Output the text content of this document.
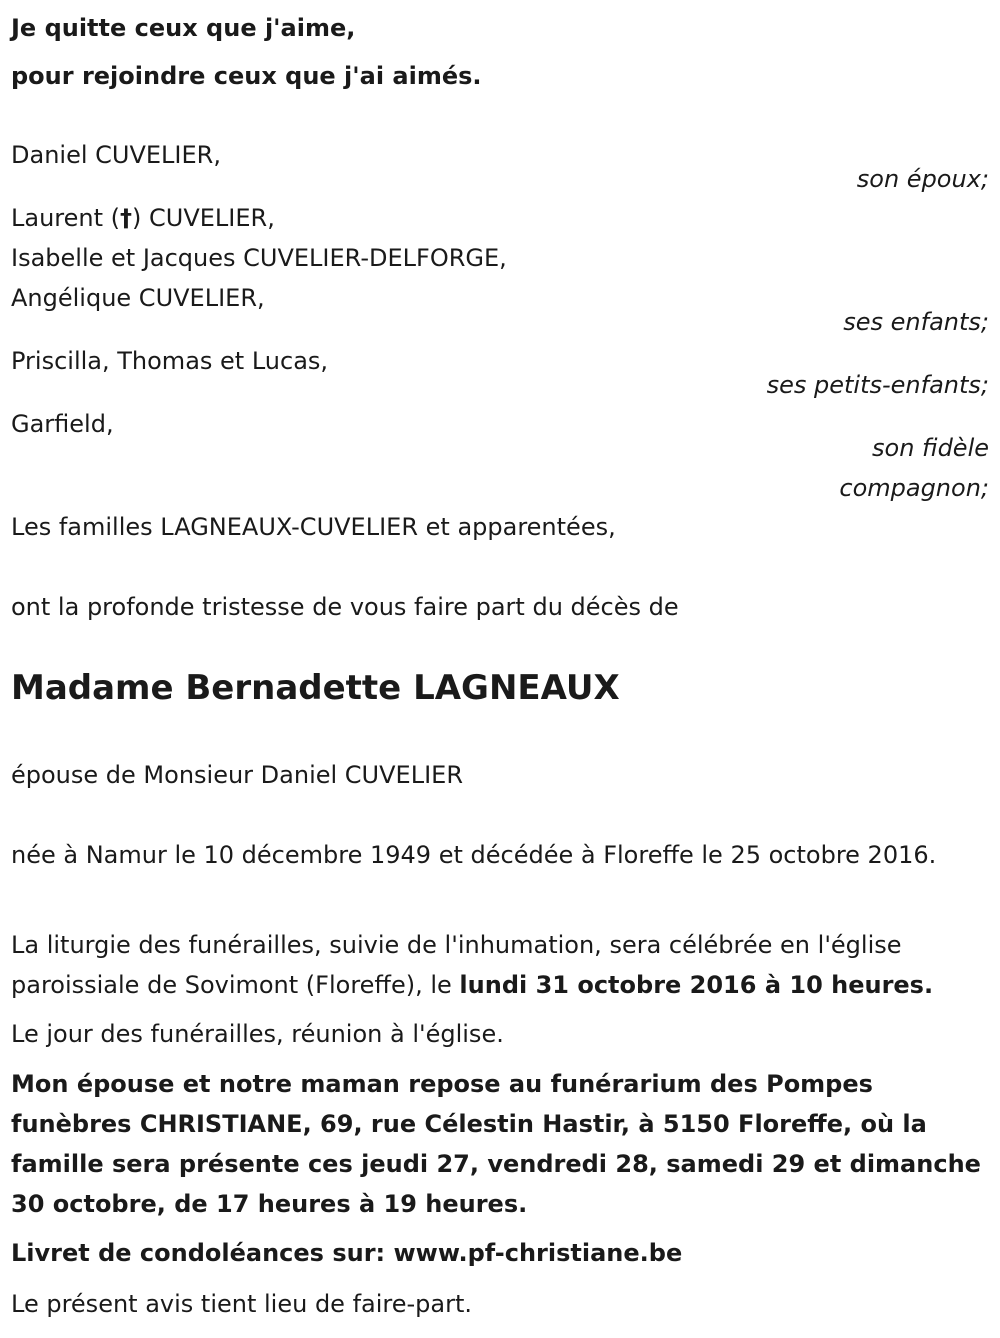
Je quitte ceux que j'aime,
pour rejoindre ceux que j'ai aimés.
Daniel CUVELIER,
son époux;
Laurent (†) CUVELIER,
Isabelle et Jacques CUVELIER-DELFORGE,
Angélique CUVELIER,
ses enfants;
Priscilla, Thomas et Lucas,
ses petits-enfants;
Garfield,
son fidèle
compagnon;
Les familles LAGNEAUX-CUVELIER et apparentées,
ont la profonde tristesse de vous faire part du décès de
Madame Bernadette LAGNEAUX
épouse de Monsieur Daniel CUVELIER
née à Namur le 10 décembre 1949 et décédée à Floreffe le 25 octobre 2016.
La liturgie des funérailles, suivie de l'inhumation, sera célébrée en l'église paroissiale de Sovimont (Floreffe), le lundi 31 octobre 2016 à 10 heures.
Le jour des funérailles, réunion à l'église.
Mon épouse et notre maman repose au funérarium des Pompes funèbres CHRISTIANE, 69, rue Célestin Hastir, à 5150 Floreffe, où la famille sera présente ces jeudi 27, vendredi 28, samedi 29 et dimanche 30 octobre, de 17 heures à 19 heures.
Livret de condoléances sur: www.pf-christiane.be
Le présent avis tient lieu de faire-part.
